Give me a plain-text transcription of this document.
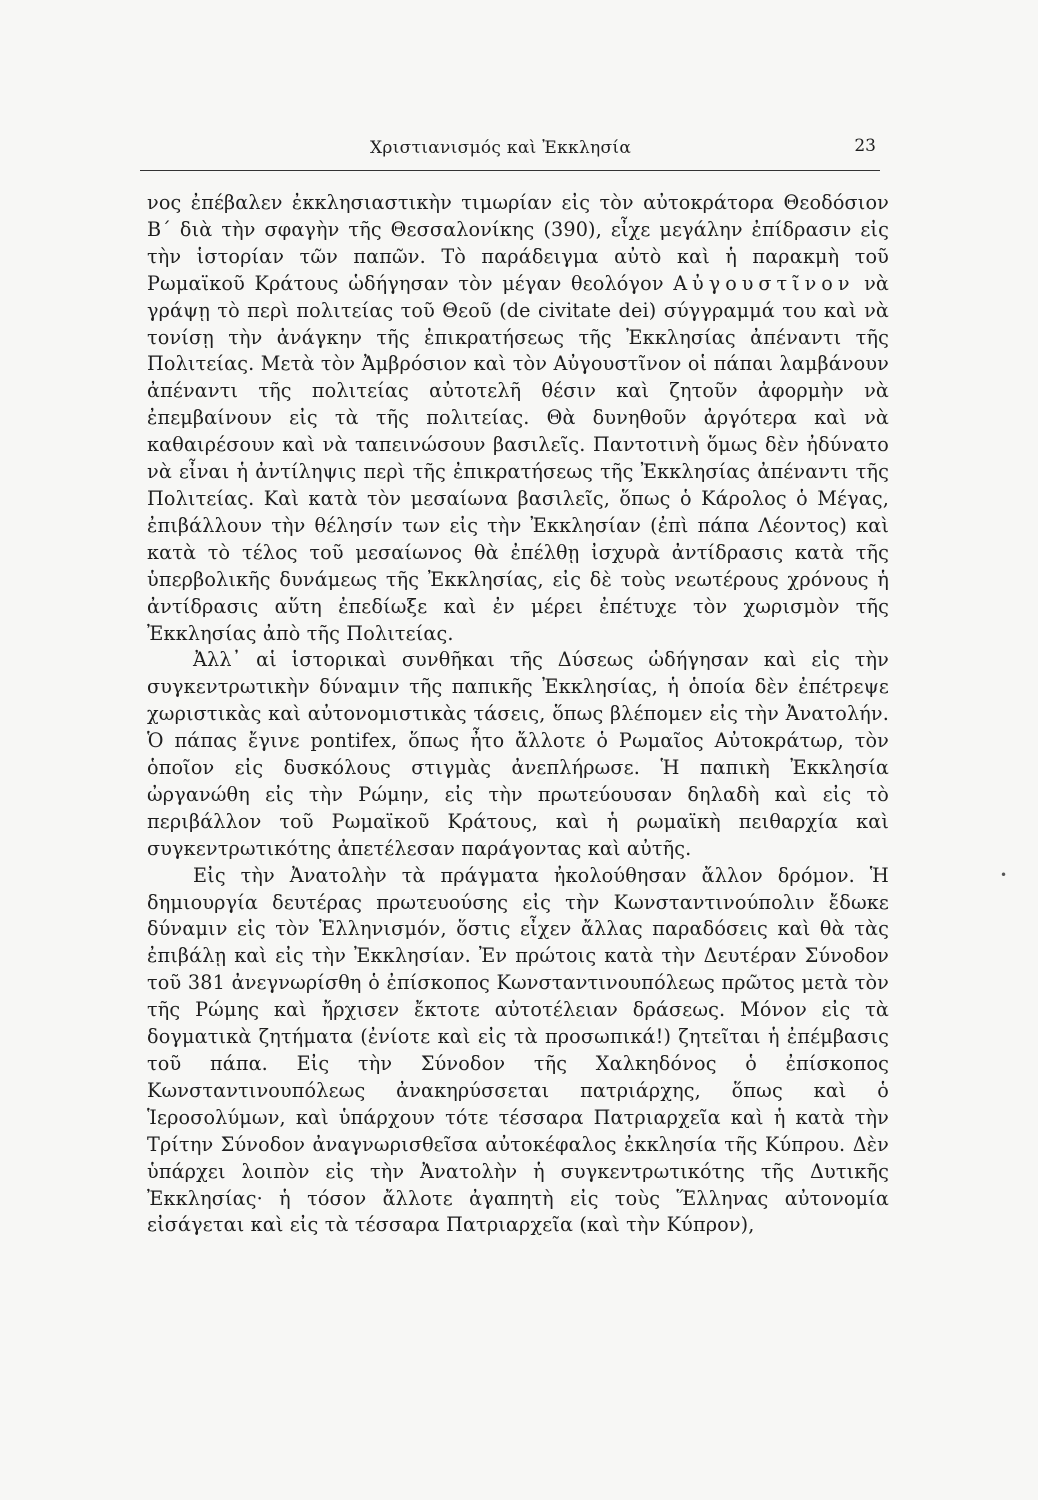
Χριστιανισμός καὶ Ἐκκλησία	23

νος ἐπέβαλεν ἐκκλησιαστικὴν τιμωρίαν εἰς τὸν αὐτοκράτορα Θεοδόσιον Β΄ διὰ τὴν σφαγὴν τῆς Θεσσαλονίκης (390), εἶχε μεγάλην ἐπίδρασιν εἰς τὴν ἱστορίαν τῶν παπῶν. Τὸ παράδειγμα αὐτὸ καὶ ἡ παρακμὴ τοῦ Ρωμαϊκοῦ Κράτους ὡδήγησαν τὸν μέγαν θεολόγον Αὐγουστῖνον νὰ γράψῃ τὸ περὶ πολιτείας τοῦ Θεοῦ (de civitate dei) σύγγραμμά του καὶ νὰ τονίσῃ τὴν ἀνάγκην τῆς ἐπικρατήσεως τῆς Ἐκκλησίας ἀπέναντι τῆς Πολιτείας. Μετὰ τὸν Ἀμβρόσιον καὶ τὸν Αὐγουστῖνον οἱ πάπαι λαμβάνουν ἀπέναντι τῆς πολιτείας αὐτοτελῆ θέσιν καὶ ζητοῦν ἀφορμὴν νὰ ἐπεμβαίνουν εἰς τὰ τῆς πολιτείας. Θὰ δυνηθοῦν ἀργότερα καὶ νὰ καθαιρέσουν καὶ νὰ ταπεινώσουν βασιλεῖς. Παντοτινὴ ὅμως δὲν ἠδύνατο νὰ εἶναι ἡ ἀντίληψις περὶ τῆς ἐπικρατήσεως τῆς Ἐκκλησίας ἀπέναντι τῆς Πολιτείας. Καὶ κατὰ τὸν μεσαίωνα βασιλεῖς, ὅπως ὁ Κάρολος ὁ Μέγας, ἐπιβάλλουν τὴν θέλησίν των εἰς τὴν Ἐκκλησίαν (ἐπὶ πάπα Λέοντος) καὶ κατὰ τὸ τέλος τοῦ μεσαίωνος θὰ ἐπέλθῃ ἰσχυρὰ ἀντίδρασις κατὰ τῆς ὑπερβολικῆς δυνάμεως τῆς Ἐκκλησίας, εἰς δὲ τοὺς νεωτέρους χρόνους ἡ ἀντίδρασις αὕτη ἐπεδίωξε καὶ ἐν μέρει ἐπέτυχε τὸν χωρισμὸν τῆς Ἐκκλησίας ἀπὸ τῆς Πολιτείας.

Ἀλλ᾽ αἱ ἱστορικαὶ συνθῆκαι τῆς Δύσεως ὡδήγησαν καὶ εἰς τὴν συγκεντρωτικὴν δύναμιν τῆς παπικῆς Ἐκκλησίας, ἡ ὁποία δὲν ἐπέτρεψε χωριστικὰς καὶ αὐτονομιστικὰς τάσεις, ὅπως βλέπομεν εἰς τὴν Ἀνατολήν. Ὁ πάπας ἔγινε pontifex, ὅπως ἦτο ἄλλοτε ὁ Ρωμαῖος Αὐτοκράτωρ, τὸν ὁποῖον εἰς δυσκόλους στιγμὰς ἀνεπλήρωσε. Ἡ παπικὴ Ἐκκλησία ὠργανώθη εἰς τὴν Ρώμην, εἰς τὴν πρωτεύουσαν δηλαδὴ καὶ εἰς τὸ περιβάλλον τοῦ Ρωμαϊκοῦ Κράτους, καὶ ἡ ρωμαϊκὴ πειθαρχία καὶ συγκεντρωτικότης ἀπετέλεσαν παράγοντας καὶ αὐτῆς.

Εἰς τὴν Ἀνατολὴν τὰ πράγματα ἠκολούθησαν ἄλλον δρόμον. Ἡ δημιουργία δευτέρας πρωτευούσης εἰς τὴν Κωνσταντινούπολιν ἔδωκε δύναμιν εἰς τὸν Ἑλληνισμόν, ὅστις εἶχεν ἄλλας παραδόσεις καὶ θὰ τὰς ἐπιβάλῃ καὶ εἰς τὴν Ἐκκλησίαν. Ἐν πρώτοις κατὰ τὴν Δευτέραν Σύνοδον τοῦ 381 ἀνεγνωρίσθη ὁ ἐπίσκοπος Κωνσταντινουπόλεως πρῶτος μετὰ τὸν τῆς Ρώμης καὶ ἤρχισεν ἔκτοτε αὐτοτέλειαν δράσεως. Μόνον εἰς τὰ δογματικὰ ζητήματα (ἐνίοτε καὶ εἰς τὰ προσωπικά!) ζητεῖται ἡ ἐπέμβασις τοῦ πάπα. Εἰς τὴν Σύνοδον τῆς Χαλκηδόνος ὁ ἐπίσκοπος Κωνσταντινουπόλεως ἀνακηρύσσεται πατριάρχης, ὅπως καὶ ὁ Ἱεροσολύμων, καὶ ὑπάρχουν τότε τέσσαρα Πατριαρχεῖα καὶ ἡ κατὰ τὴν Τρίτην Σύνοδον ἀναγνωρισθεῖσα αὐτοκέφαλος ἐκκλησία τῆς Κύπρου. Δὲν ὑπάρχει λοιπὸν εἰς τὴν Ἀνατολὴν ἡ συγκεντρωτικότης τῆς Δυτικῆς Ἐκκλησίας· ἡ τόσον ἄλλοτε ἀγαπητὴ εἰς τοὺς Ἕλληνας αὐτονομία εἰσάγεται καὶ εἰς τὰ τέσσαρα Πατριαρχεῖα (καὶ τὴν Κύπρον),

•
